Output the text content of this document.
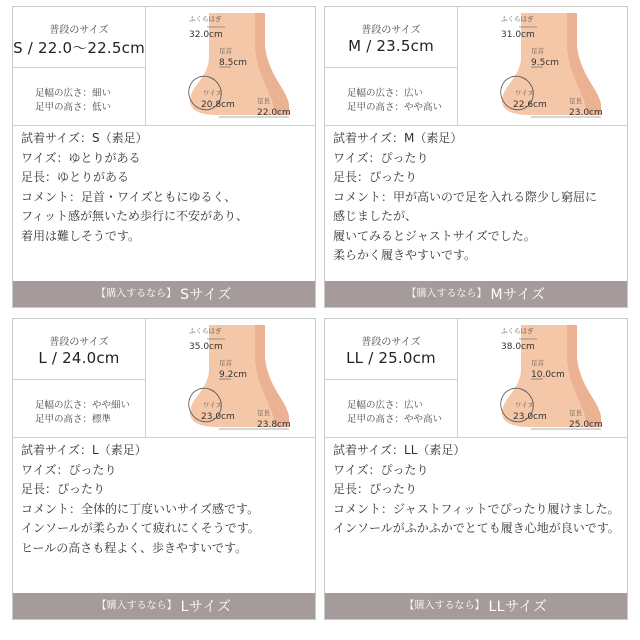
普段のサイズ
S / 22.0～22.5cm
足幅の広さ：細い
足甲の高さ：低い
ふくらはぎ
32.0cm
足首
8.5cm
ワイズ
20.8cm	足長
22.0cm
試着サイズ：S（素足）
ワイズ：ゆとりがある
足長：ゆとりがある
コメント：足首・ワイズともにゆるく、
フィット感が無いため歩行に不安があり、
着用は難しそうです。
【購入するなら】 Sサイズ
普段のサイズ
M / 23.5cm
足幅の広さ：広い
足甲の高さ：やや高い
ふくらはぎ
31.0cm
足首
9.5cm
ワイズ
22.6cm	足長
23.0cm
試着サイズ：M（素足）
ワイズ：ぴったり
足長：ぴったり
コメント：甲が高いので足を入れる際少し窮屈に
感じましたが、
履いてみるとジャストサイズでした。
柔らかく履きやすいです。
【購入するなら】 Mサイズ
普段のサイズ
L / 24.0cm
足幅の広さ：やや細い
足甲の高さ：標準
ふくらはぎ
35.0cm
足首
9.2cm
ワイズ
23.0cm	足長
23.8cm
試着サイズ：L（素足）
ワイズ：ぴったり
足長：ぴったり
コメント：全体的に丁度いいサイズ感です。
インソールが柔らかくて疲れにくそうです。
ヒールの高さも程よく、歩きやすいです。
【購入するなら】 Lサイズ
普段のサイズ
LL / 25.0cm
足幅の広さ：広い
足甲の高さ：やや高い
ふくらはぎ
38.0cm
足首
10.0cm
ワイズ
23.0cm	足長
25.0cm
試着サイズ：LL（素足）
ワイズ：ぴったり
足長：ぴったり
コメント：ジャストフィットでぴったり履けました。
インソールがふかふかでとても履き心地が良いです。
【購入するなら】 LLサイズ
